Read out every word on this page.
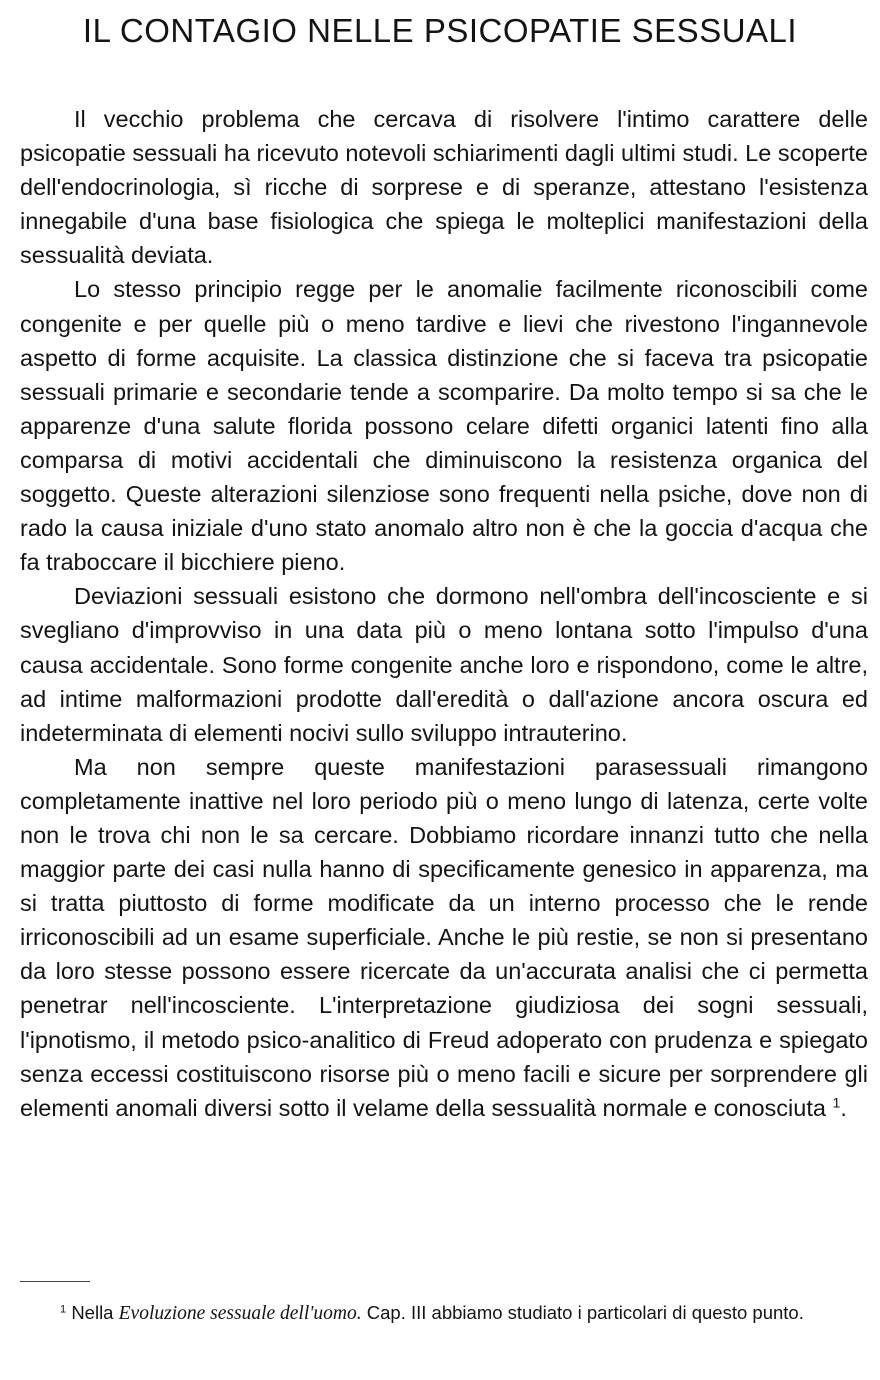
IL CONTAGIO NELLE PSICOPATIE SESSUALI

Il vecchio problema che cercava di risolvere l'intimo carattere delle psicopatie sessuali ha ricevuto notevoli schiarimenti dagli ultimi studi. Le scoperte dell'endocrinologia, sì ricche di sorprese e di speranze, attestano l'esistenza innegabile d'una base fisiologica che spiega le molteplici manifestazioni della sessualità deviata.

Lo stesso principio regge per le anomalie facilmente riconoscibili come congenite e per quelle più o meno tardive e lievi che rivestono l'ingannevole aspetto di forme acquisite. La classica distinzione che si faceva tra psicopatie sessuali primarie e secondarie tende a scomparire. Da molto tempo si sa che le apparenze d'una salute florida possono celare difetti organici latenti fino alla comparsa di motivi accidentali che diminuiscono la resistenza organica del soggetto. Queste alterazioni silenziose sono frequenti nella psiche, dove non di rado la causa iniziale d'uno stato anomalo altro non è che la goccia d'acqua che fa traboccare il bicchiere pieno.

Deviazioni sessuali esistono che dormono nell'ombra dell'incosciente e si svegliano d'improvviso in una data più o meno lontana sotto l'impulso d'una causa accidentale. Sono forme congenite anche loro e rispondono, come le altre, ad intime malformazioni prodotte dall'eredità o dall'azione ancora oscura ed indeterminata di elementi nocivi sullo sviluppo intrauterino.

Ma non sempre queste manifestazioni parasessuali rimangono completamente inattive nel loro periodo più o meno lungo di latenza, certe volte non le trova chi non le sa cercare. Dobbiamo ricordare innanzi tutto che nella maggior parte dei casi nulla hanno di specificamente genesico in apparenza, ma si tratta piuttosto di forme modificate da un interno processo che le rende irriconoscibili ad un esame superficiale. Anche le più restie, se non si presentano da loro stesse possono essere ricercate da un'accurata analisi che ci permetta penetrar nell'incosciente. L'interpretazione giudiziosa dei sogni sessuali, l'ipnotismo, il metodo psico-analitico di Freud adoperato con prudenza e spiegato senza eccessi costituiscono risorse più o meno facili e sicure per sorprendere gli elementi anomali diversi sotto il velame della sessualità normale e conosciuta $^1$.

$^1$ Nella Evoluzione sessuale dell'uomo. Cap. III abbiamo studiato i particolari di questo punto.
